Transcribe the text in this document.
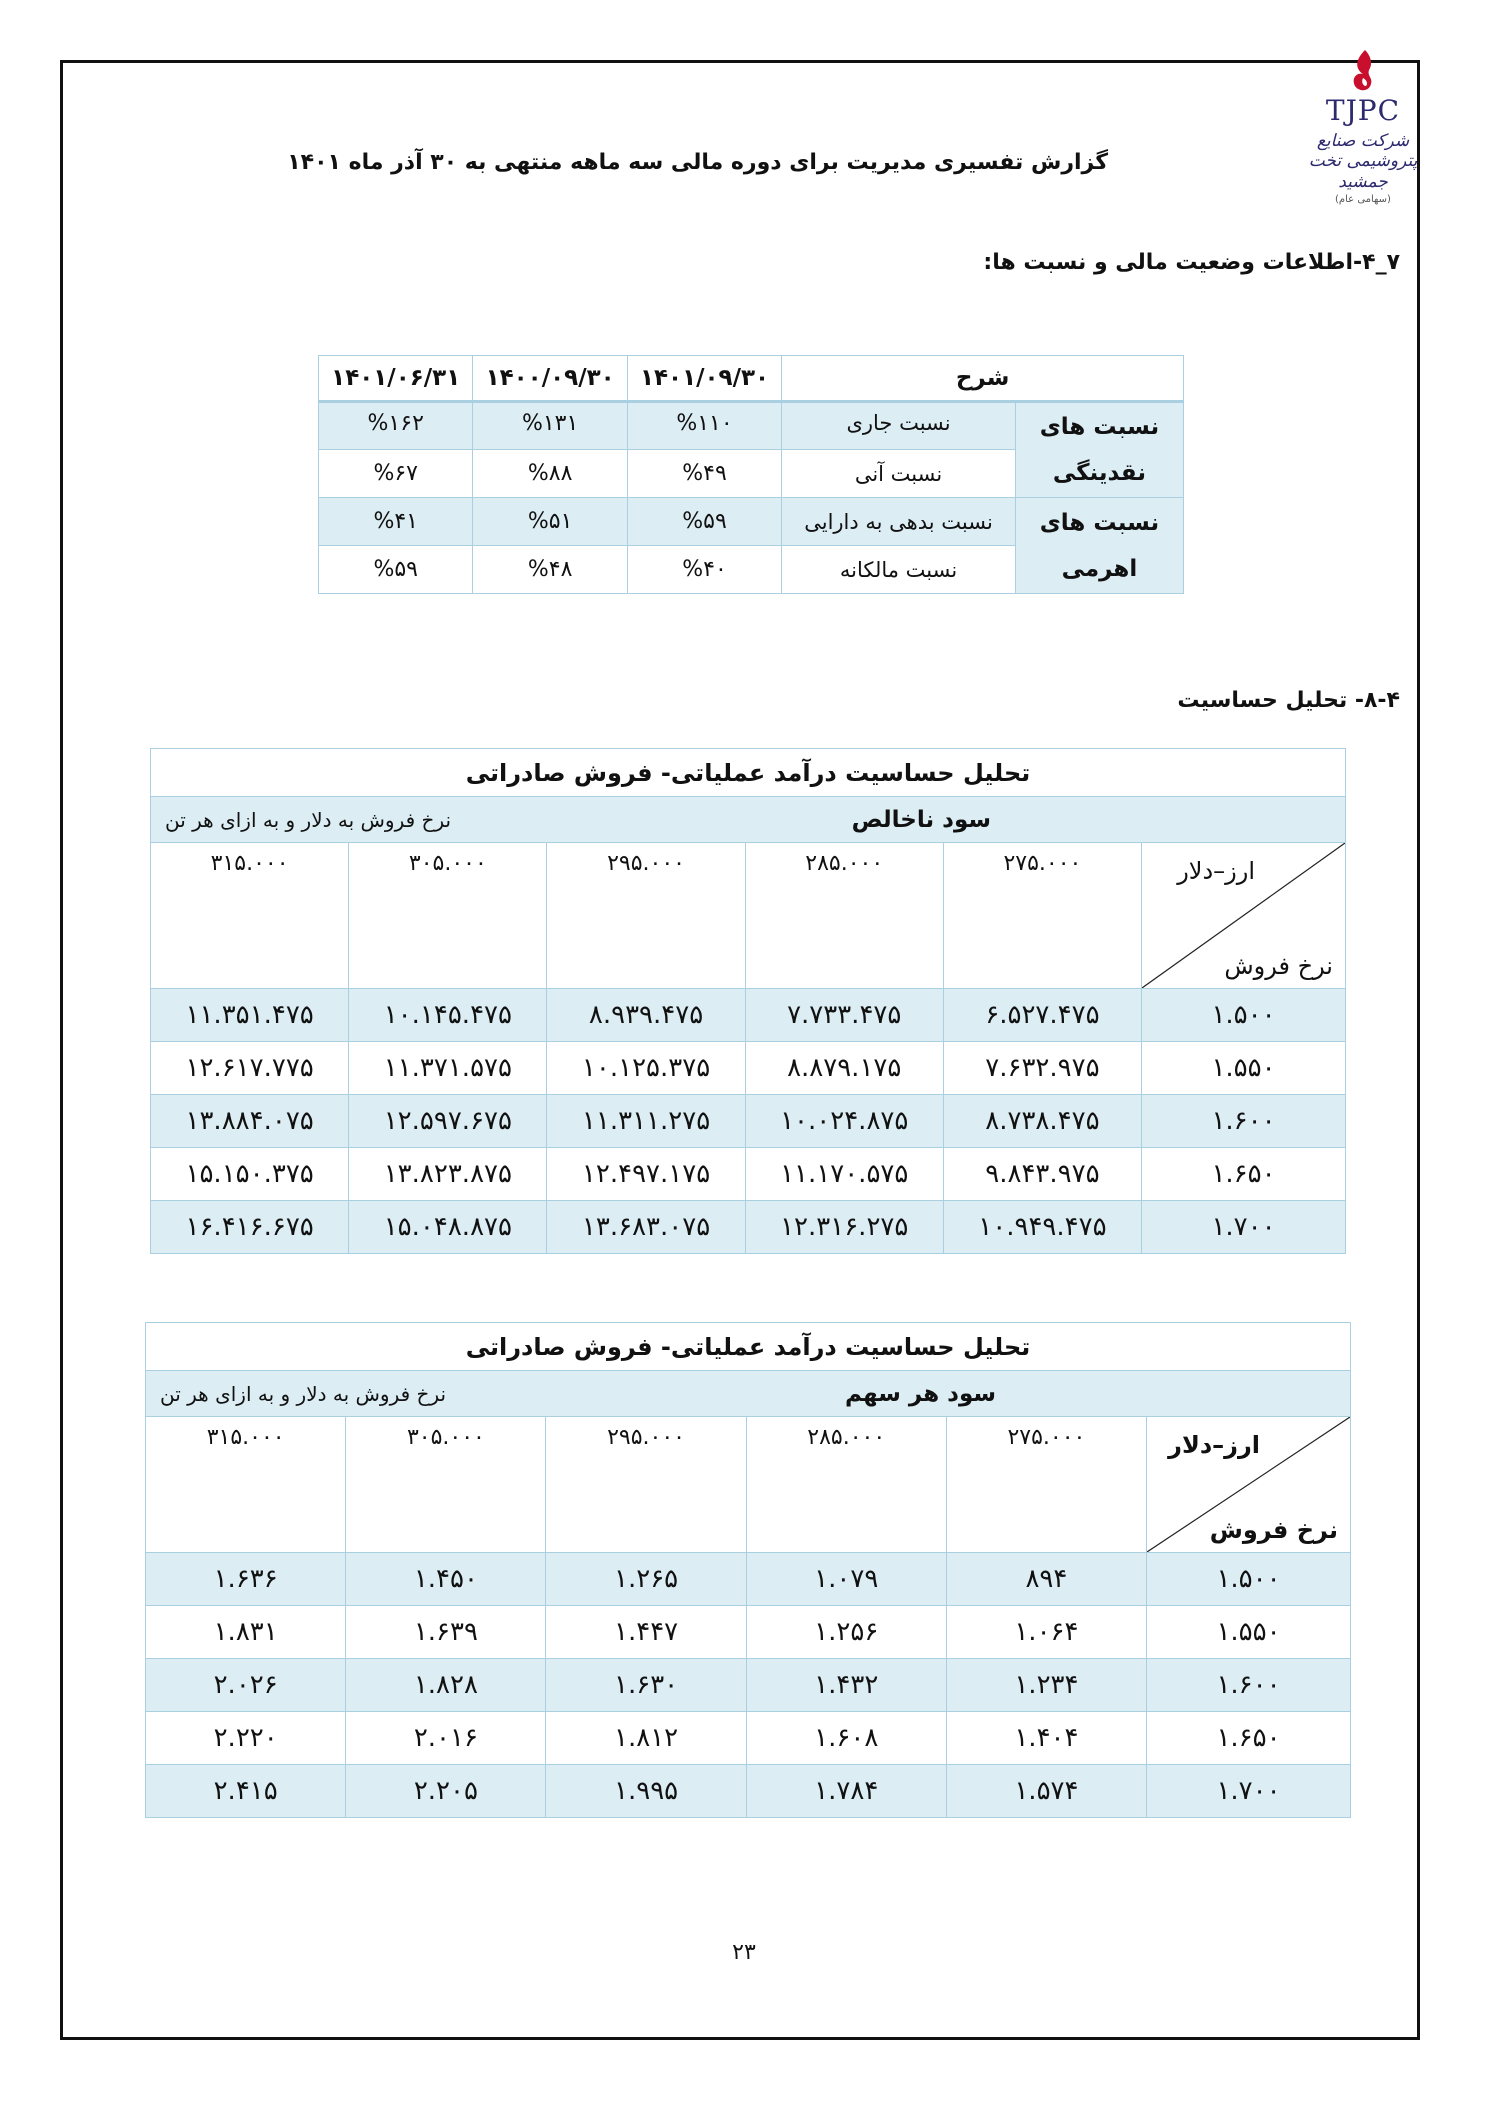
TJPC
شرکت صنایع پتروشیمی تخت جمشید
(سهامی عام)
گزارش تفسیری مدیریت برای دوره مالی سه ماهه منتهی به ۳۰ آذر ماه ۱۴۰۱
۷_۴-اطلاعات وضعیت مالی و نسبت ها:
شرح		۱۴۰۱/۰۹/۳۰	۱۴۰۰/۰۹/۳۰	۱۴۰۱/۰۶/۳۱
نسبت های نقدینگی	نسبت جاری	%۱۱۰	%۱۳۱	%۱۶۲
	نسبت آنی	%۴۹	%۸۸	%۶۷
نسبت های اهرمی	نسبت بدهی به دارایی	%۵۹	%۵۱	%۴۱
	نسبت مالکانه	%۴۰	%۴۸	%۵۹
۸-۴- تحلیل حساسیت
تحلیل حساسیت درآمد عملیاتی- فروش صادراتی					

سود ناخالص
نرخ فروش به دلار و به ازای هر تن					

ارز–دلار
نرخ فروش	۲۷۵.۰۰۰	۲۸۵.۰۰۰	۲۹۵.۰۰۰	۳۰۵.۰۰۰	۳۱۵.۰۰۰
۱.۵۰۰	۶.۵۲۷.۴۷۵	۷.۷۳۳.۴۷۵	۸.۹۳۹.۴۷۵	۱۰.۱۴۵.۴۷۵	۱۱.۳۵۱.۴۷۵
۱.۵۵۰	۷.۶۳۲.۹۷۵	۸.۸۷۹.۱۷۵	۱۰.۱۲۵.۳۷۵	۱۱.۳۷۱.۵۷۵	۱۲.۶۱۷.۷۷۵
۱.۶۰۰	۸.۷۳۸.۴۷۵	۱۰.۰۲۴.۸۷۵	۱۱.۳۱۱.۲۷۵	۱۲.۵۹۷.۶۷۵	۱۳.۸۸۴.۰۷۵
۱.۶۵۰	۹.۸۴۳.۹۷۵	۱۱.۱۷۰.۵۷۵	۱۲.۴۹۷.۱۷۵	۱۳.۸۲۳.۸۷۵	۱۵.۱۵۰.۳۷۵
۱.۷۰۰	۱۰.۹۴۹.۴۷۵	۱۲.۳۱۶.۲۷۵	۱۳.۶۸۳.۰۷۵	۱۵.۰۴۸.۸۷۵	۱۶.۴۱۶.۶۷۵
تحلیل حساسیت درآمد عملیاتی- فروش صادراتی					

سود هر سهم
نرخ فروش به دلار و به ازای هر تن					

ارز–دلار
نرخ فروش	۲۷۵.۰۰۰	۲۸۵.۰۰۰	۲۹۵.۰۰۰	۳۰۵.۰۰۰	۳۱۵.۰۰۰
۱.۵۰۰	۸۹۴	۱.۰۷۹	۱.۲۶۵	۱.۴۵۰	۱.۶۳۶
۱.۵۵۰	۱.۰۶۴	۱.۲۵۶	۱.۴۴۷	۱.۶۳۹	۱.۸۳۱
۱.۶۰۰	۱.۲۳۴	۱.۴۳۲	۱.۶۳۰	۱.۸۲۸	۲.۰۲۶
۱.۶۵۰	۱.۴۰۴	۱.۶۰۸	۱.۸۱۲	۲.۰۱۶	۲.۲۲۰
۱.۷۰۰	۱.۵۷۴	۱.۷۸۴	۱.۹۹۵	۲.۲۰۵	۲.۴۱۵
۲۳
